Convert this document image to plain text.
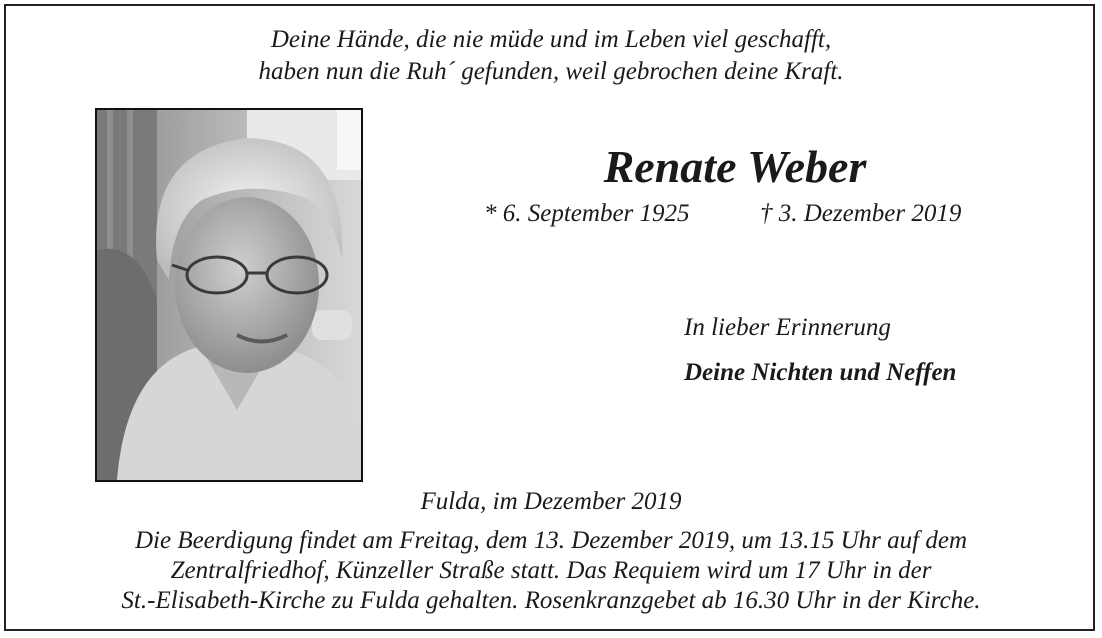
Deine Hände, die nie müde und im Leben viel geschafft,
haben nun die Ruh´ gefunden, weil gebrochen deine Kraft.
Renate Weber
* 6. September 1925	† 3. Dezember 2019
In lieber Erinnerung
Deine Nichten und Neffen
Fulda, im Dezember 2019
Die Beerdigung findet am Freitag, dem 13. Dezember 2019, um 13.15 Uhr auf dem
Zentralfriedhof, Künzeller Straße statt. Das Requiem wird um 17 Uhr in der
St.-Elisabeth-Kirche zu Fulda gehalten. Rosenkranzgebet ab 16.30 Uhr in der Kirche.
